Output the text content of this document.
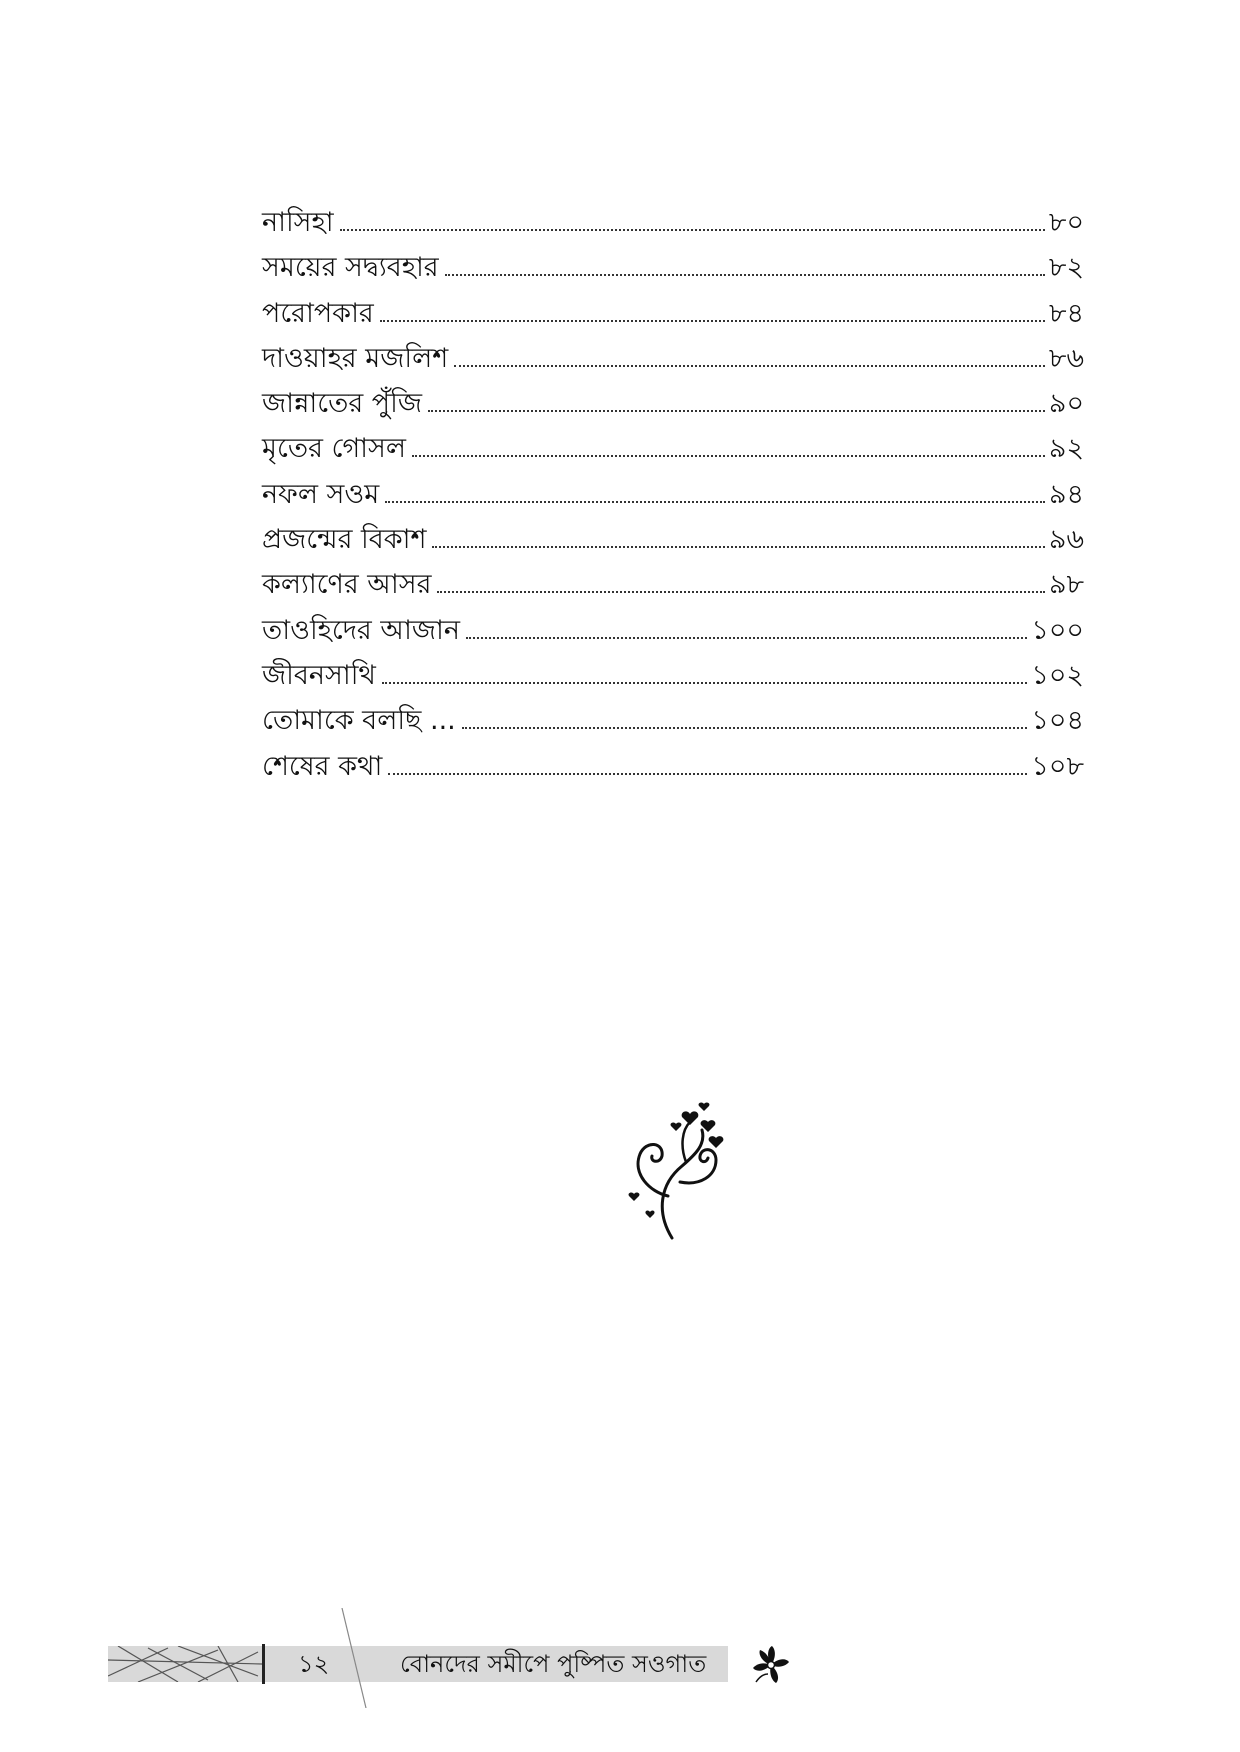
নাসিহা	৮০
সময়ের সদ্ব্যবহার	৮২
পরোপকার	৮৪
দাওয়াহর মজলিশ	৮৬
জান্নাতের পুঁজি	৯০
মৃতের গোসল	৯২
নফল সওম	৯৪
প্রজন্মের বিকাশ	৯৬
কল্যাণের আসর	৯৮
তাওহিদের আজান	১০০
জীবনসাথি	১০২
তোমাকে বলছি ...	১০৪
শেষের কথা	১০৮
১২	বোনদের সমীপে পুষ্পিত সওগাত
